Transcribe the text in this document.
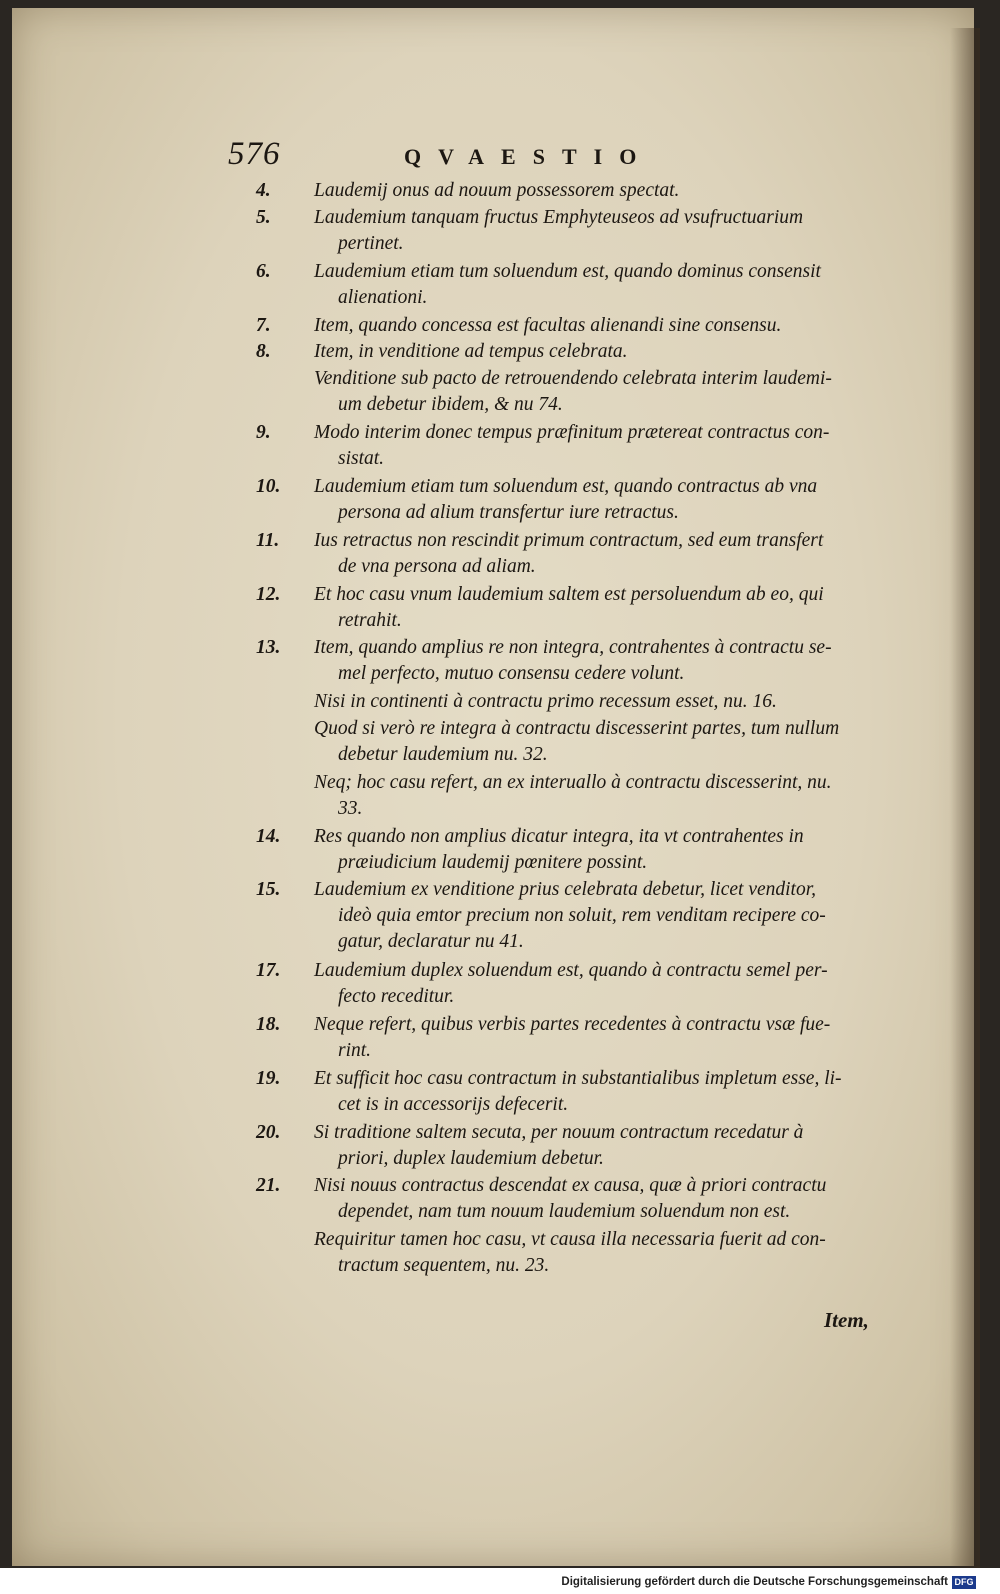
576	QVAESTIO
4.	Laudemij onus ad nouum possessorem spectat.
5.	Laudemium tanquam fructus Emphyteuseos ad vsufructuarium
pertinet.
6.	Laudemium etiam tum soluendum est, quando dominus consensit
alienationi.
7.	Item, quando concessa est facultas alienandi sine consensu.
8.	Item, in venditione ad tempus celebrata.
Venditione sub pacto de retrouendendo celebrata interim laudemi-
um debetur ibidem, & nu 74.
9.	Modo interim donec tempus præfinitum prætereat contractus con-
sistat.
10.	Laudemium etiam tum soluendum est, quando contractus ab vna
persona ad alium transfertur iure retractus.
11.	Ius retractus non rescindit primum contractum, sed eum transfert
de vna persona ad aliam.
12.	Et hoc casu vnum laudemium saltem est persoluendum ab eo, qui
retrahit.
13.	Item, quando amplius re non integra, contrahentes à contractu se-
mel perfecto, mutuo consensu cedere volunt.
Nisi in continenti à contractu primo recessum esset, nu. 16.
Quod si verò re integra à contractu discesserint partes, tum nullum
debetur laudemium nu. 32.
Neq; hoc casu refert, an ex interuallo à contractu discesserint, nu.
33.
14.	Res quando non amplius dicatur integra, ita vt contrahentes in
præiudicium laudemij pœnitere possint.
15.	Laudemium ex venditione prius celebrata debetur, licet venditor,
ideò quia emtor precium non soluit, rem venditam recipere co-
gatur, declaratur nu 41.
17.	Laudemium duplex soluendum est, quando à contractu semel per-
fecto receditur.
18.	Neque refert, quibus verbis partes recedentes à contractu vsæ fue-
rint.
19.	Et sufficit hoc casu contractum in substantialibus impletum esse, li-
cet is in accessorijs defecerit.
20.	Si traditione saltem secuta, per nouum contractum recedatur à
priori, duplex laudemium debetur.
21.	Nisi nouus contractus descendat ex causa, quæ à priori contractu
dependet, nam tum nouum laudemium soluendum non est.
Requiritur tamen hoc casu, vt causa illa necessaria fuerit ad con-
tractum sequentem, nu. 23.
Item,
Digitalisierung gefördert durch die Deutsche Forschungsgemeinschaft DFG
